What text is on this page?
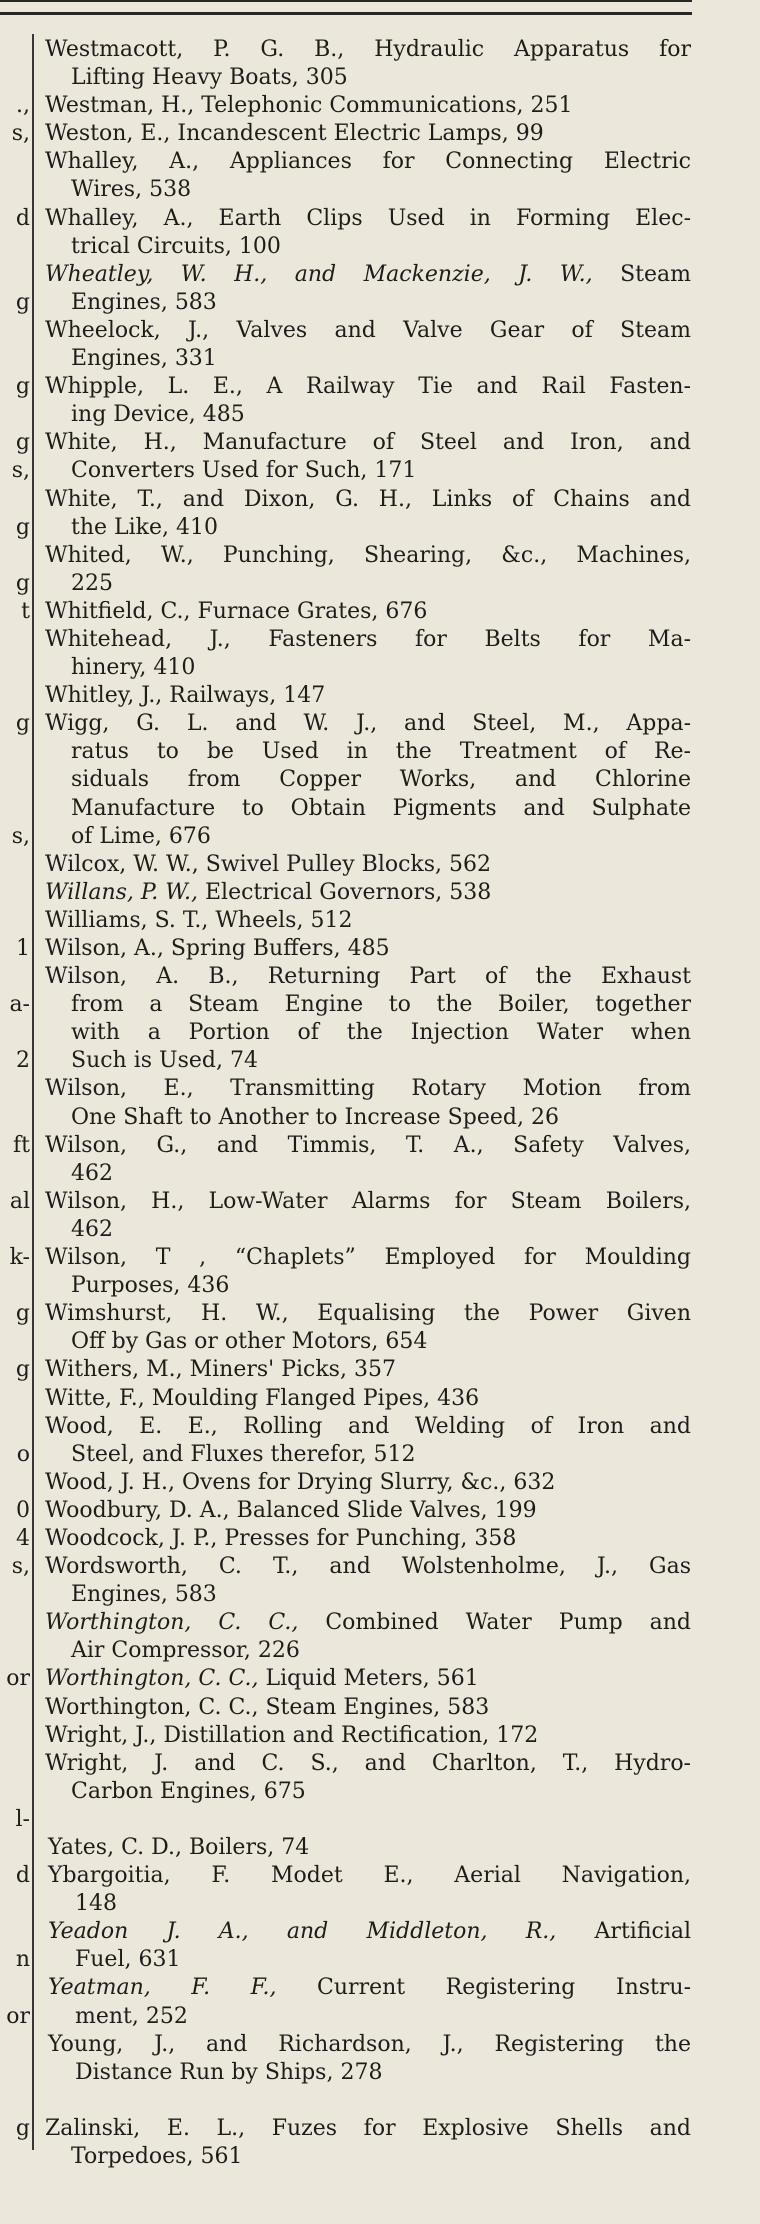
Westmacott, P. G. B., Hydraulic Apparatus for
Lifting Heavy Boats, 305
Westman, H., Telephonic Communications, 251
.,
Weston, E., Incandescent Electric Lamps, 99
s,
Whalley, A., Appliances for Connecting Electric
Wires, 538
Whalley, A., Earth Clips Used in Forming Elec-
d
trical Circuits, 100
Wheatley, W. H., and Mackenzie, J. W., Steam
Engines, 583
g
Wheelock, J., Valves and Valve Gear of Steam
Engines, 331
Whipple, L. E., A Railway Tie and Rail Fasten-
g
ing Device, 485
White, H., Manufacture of Steel and Iron, and
g
Converters Used for Such, 171
s,
White, T., and Dixon, G. H., Links of Chains and
the Like, 410
g
Whited, W., Punching, Shearing, &c., Machines,
225
g
Whitfield, C., Furnace Grates, 676
t
Whitehead, J., Fasteners for Belts for Ma-
hinery, 410
Whitley, J., Railways, 147
Wigg, G. L. and W. J., and Steel, M., Appa-
g
ratus to be Used in the Treatment of Re-
siduals from Copper Works, and Chlorine
Manufacture to Obtain Pigments and Sulphate
of Lime, 676
s,
Wilcox, W. W., Swivel Pulley Blocks, 562
Willans, P. W., Electrical Governors, 538
Williams, S. T., Wheels, 512
Wilson, A., Spring Buffers, 485
1
Wilson, A. B., Returning Part of the Exhaust
from a Steam Engine to the Boiler, together
a-
with a Portion of the Injection Water when
Such is Used, 74
2
Wilson, E., Transmitting Rotary Motion from
One Shaft to Another to Increase Speed, 26
Wilson, G., and Timmis, T. A., Safety Valves,
ft
462
Wilson, H., Low-Water Alarms for Steam Boilers,
al
462
Wilson, T , “Chaplets” Employed for Moulding
k-
Purposes, 436
Wimshurst, H. W., Equalising the Power Given
g
Off by Gas or other Motors, 654
Withers, M., Miners' Picks, 357
g
Witte, F., Moulding Flanged Pipes, 436
Wood, E. E., Rolling and Welding of Iron and
Steel, and Fluxes therefor, 512
o
Wood, J. H., Ovens for Drying Slurry, &c., 632
Woodbury, D. A., Balanced Slide Valves, 199
0
Woodcock, J. P., Presses for Punching, 358
4
Wordsworth, C. T., and Wolstenholme, J., Gas
s,
Engines, 583
Worthington, C. C., Combined Water Pump and
Air Compressor, 226
Worthington, C. C., Liquid Meters, 561
or
Worthington, C. C., Steam Engines, 583
Wright, J., Distillation and Rectification, 172
Wright, J. and C. S., and Charlton, T., Hydro-
Carbon Engines, 675
l-
Yates, C. D., Boilers, 74
Ybargoitia, F. Modet E., Aerial Navigation,
d
148
Yeadon J. A., and Middleton, R., Artificial
Fuel, 631
n
Yeatman, F. F., Current Registering Instru-
ment, 252
or
Young, J., and Richardson, J., Registering the
Distance Run by Ships, 278
Zalinski, E. L., Fuzes for Explosive Shells and
g
Torpedoes, 561
